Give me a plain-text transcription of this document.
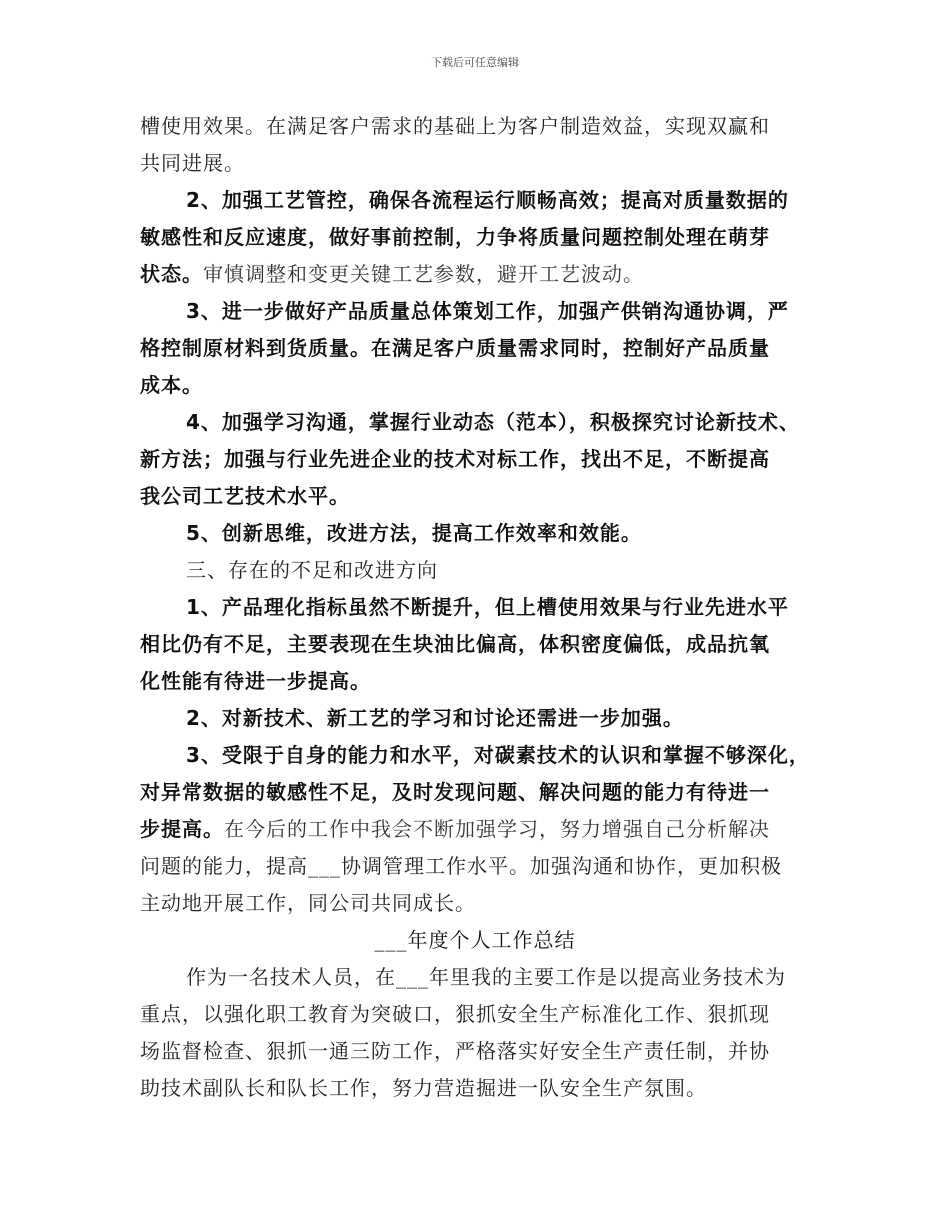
下载后可任意编辑
槽使用效果。在满足客户需求的基础上为客户制造效益，实现双赢和
共同进展。
2、加强工艺管控，确保各流程运行顺畅高效；提高对质量数据的
敏感性和反应速度，做好事前控制，力争将质量问题控制处理在萌芽
状态。审慎调整和变更关键工艺参数，避开工艺波动。
3、进一步做好产品质量总体策划工作，加强产供销沟通协调，严
格控制原材料到货质量。在满足客户质量需求同时，控制好产品质量
成本。
4、加强学习沟通，掌握行业动态（范本），积极探究讨论新技术、
新方法；加强与行业先进企业的技术对标工作，找出不足，不断提高
我公司工艺技术水平。
5、创新思维，改进方法，提高工作效率和效能。
三、存在的不足和改进方向
1、产品理化指标虽然不断提升，但上槽使用效果与行业先进水平
相比仍有不足，主要表现在生块油比偏高，体积密度偏低，成品抗氧
化性能有待进一步提高。
2、对新技术、新工艺的学习和讨论还需进一步加强。
3、受限于自身的能力和水平，对碳素技术的认识和掌握不够深化，
对异常数据的敏感性不足，及时发现问题、解决问题的能力有待进一
步提高。在今后的工作中我会不断加强学习，努力增强自己分析解决
问题的能力，提高___协调管理工作水平。加强沟通和协作，更加积极
主动地开展工作，同公司共同成长。
___年度个人工作总结
作为一名技术人员，在___年里我的主要工作是以提高业务技术为
重点，以强化职工教育为突破口，狠抓安全生产标准化工作、狠抓现
场监督检查、狠抓一通三防工作，严格落实好安全生产责任制，并协
助技术副队长和队长工作，努力营造掘进一队安全生产氛围。
